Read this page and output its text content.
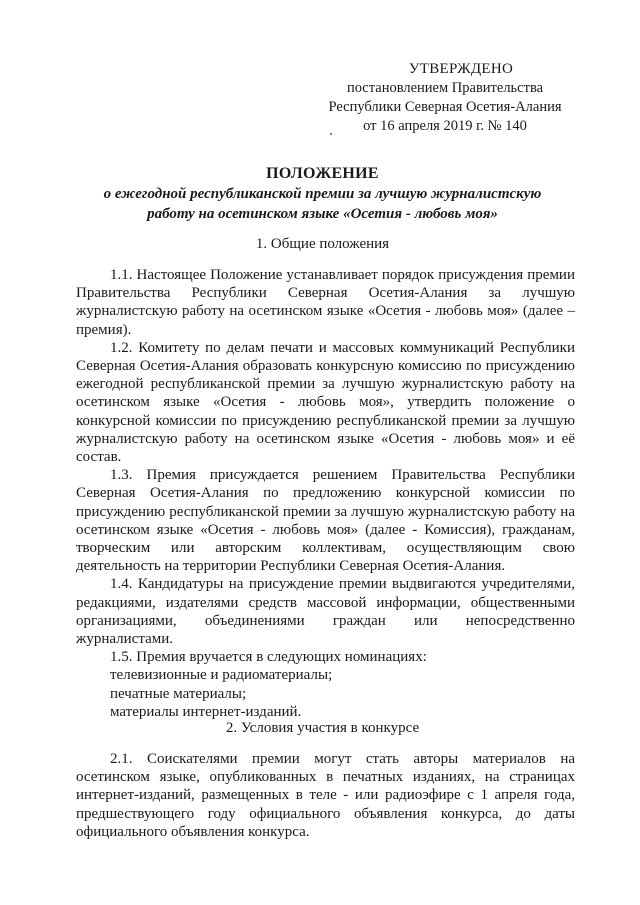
УТВЕРЖДЕНО
постановлением Правительства
Республики Северная Осетия-Алания
от 16 апреля 2019 г. № 140
ПОЛОЖЕНИЕ
о ежегодной республиканской премии за лучшую журналистскую
работу на осетинском языке «Осетия - любовь моя»
1. Общие положения

1.1. Настоящее Положение устанавливает порядок присуждения премии Правительства Республики Северная Осетия-Алания за лучшую журналистскую работу на осетинском языке «Осетия - любовь моя» (далее – премия).

1.2. Комитету по делам печати и массовых коммуникаций Республики Северная Осетия-Алания образовать конкурсную комиссию по присуждению ежегодной республиканской премии за лучшую журналистскую работу на осетинском языке «Осетия - любовь моя», утвердить положение о конкурсной комиссии по присуждению республиканской премии за лучшую журналистскую работу на осетинском языке «Осетия - любовь моя» и её состав.

1.3. Премия присуждается решением Правительства Республики Северная Осетия-Алания по предложению конкурсной комиссии по присуждению республиканской премии за лучшую журналистскую работу на осетинском языке «Осетия - любовь моя» (далее - Комиссия), гражданам, творческим или авторским коллективам, осуществляющим свою деятельность на территории Республики Северная Осетия-Алания.

1.4. Кандидатуры на присуждение премии выдвигаются учредителями, редакциями, издателями средств массовой информации, общественными организациями, объединениями граждан или непосредственно журналистами.

1.5. Премия вручается в следующих номинациях:

телевизионные и радиоматериалы;
печатные материалы;
материалы интернет-изданий.
2. Условия участия в конкурсе

2.1. Соискателями премии могут стать авторы материалов на осетинском языке, опубликованных в печатных изданиях, на страницах интернет-изданий, размещенных в теле - или радиоэфире с 1 апреля года, предшествующего году официального объявления конкурса, до даты официального объявления конкурса.
